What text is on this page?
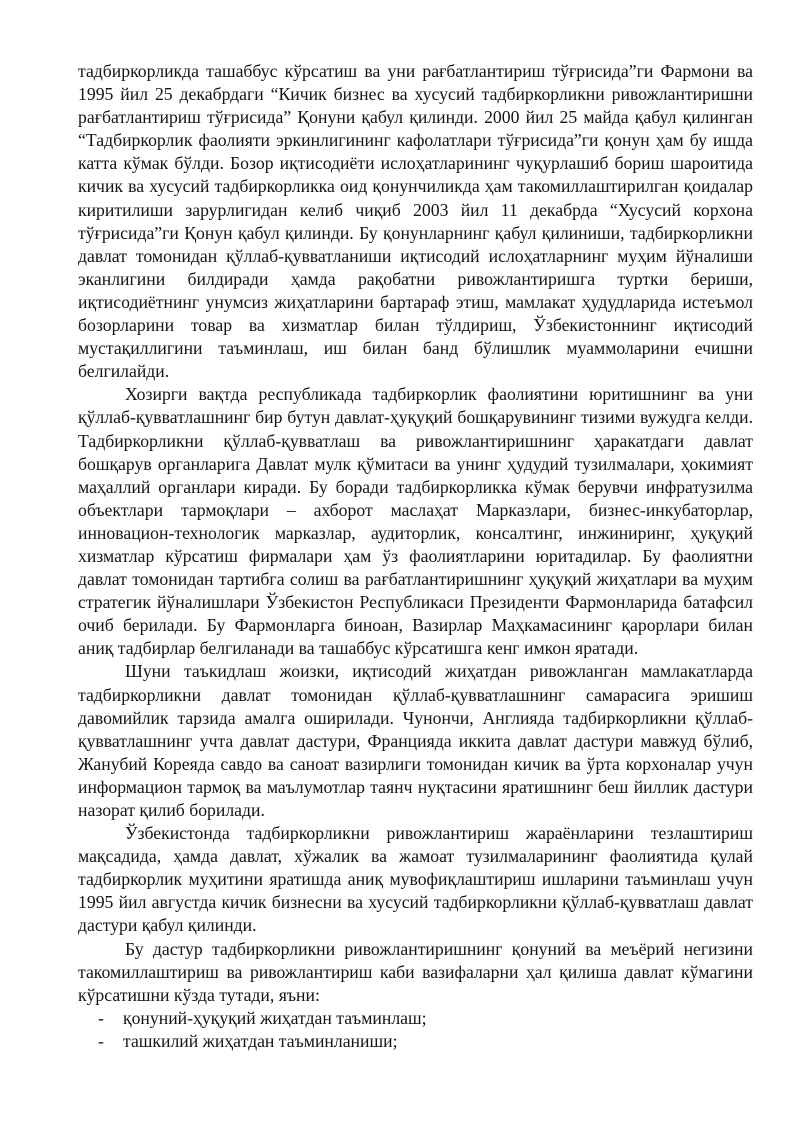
тадбиркорликда ташаббус кўрсатиш ва уни рағбатлантириш тўғрисида”ги Фармони ва 1995 йил 25 декабрдаги “Кичик бизнес ва хусусий тадбиркорликни ривожлантиришни рағбатлантириш тўғрисида” Қонуни қабул қилинди. 2000 йил 25 майда қабул қилинган “Тадбиркорлик фаолияти эркинлигининг кафолатлари тўғрисида”ги қонун ҳам бу ишда катта кўмак бўлди. Бозор иқтисодиёти ислоҳатларининг чуқурлашиб бориш шароитида кичик ва хусусий тадбиркорликка оид қонунчиликда ҳам такомиллаштирилган қоидалар киритилиши зарурлигидан келиб чиқиб 2003 йил 11 декабрда “Хусусий корхона тўғрисида”ги Қонун қабул қилинди. Бу қонунларнинг қабул қилиниши, тадбиркорликни давлат томонидан қўллаб-қувватланиши иқтисодий ислоҳатларнинг муҳим йўналиши эканлигини билдиради ҳамда рақобатни ривожлантиришга туртки бериши, иқтисодиётнинг унумсиз жиҳатларини бартараф этиш, мамлакат ҳудудларида истеъмол бозорларини товар ва хизматлар билан тўлдириш, Ўзбекистоннинг иқтисодий мустақиллигини таъминлаш, иш билан банд бўлишлик муаммоларини ечишни белгилайди.

Хозирги вақтда республикада тадбиркорлик фаолиятини юритишнинг ва уни қўллаб-қувватлашнинг бир бутун давлат-ҳуқуқий бошқарувининг тизими вужудга келди. Тадбиркорликни қўллаб-қувватлаш ва ривожлантиришнинг ҳаракатдаги давлат бошқарув органларига Давлат мулк қўмитаси ва унинг ҳудудий тузилмалари, ҳокимият маҳаллий органлари киради. Бу боради тадбиркорликка кўмак берувчи инфратузилма объектлари тармоқлари – ахборот маслаҳат Марказлари, бизнес-инкубаторлар, инновацион-технологик марказлар, аудиторлик, консалтинг, инжиниринг, ҳуқуқий хизматлар кўрсатиш фирмалари ҳам ўз фаолиятларини юритадилар. Бу фаолиятни давлат томонидан тартибга солиш ва рағбатлантиришнинг ҳуқуқий жиҳатлари ва муҳим стратегик йўналишлари Ўзбекистон Республикаси Президенти Фармонларида батафсил очиб берилади. Бу Фармонларга биноан, Вазирлар Маҳкамасининг қарорлари билан аниқ тадбирлар белгиланади ва ташаббус кўрсатишга кенг имкон яратади.

Шуни таъкидлаш жоизки, иқтисодий жиҳатдан ривожланган мамлакатларда тадбиркорликни давлат томонидан қўллаб-қувватлашнинг самарасига эришиш давомийлик тарзида амалга оширилади. Чунончи, Англияда тадбиркорликни қўллаб-қувватлашнинг учта давлат дастури, Францияда иккита давлат дастури мавжуд бўлиб, Жанубий Кореяда савдо ва саноат вазирлиги томонидан кичик ва ўрта корхоналар учун информацион тармоқ ва маълумотлар таянч нуқтасини яратишнинг беш йиллик дастури назорат қилиб борилади.

Ўзбекистонда тадбиркорликни ривожлантириш жараёнларини тезлаштириш мақсадида, ҳамда давлат, хўжалик ва жамоат тузилмаларининг фаолиятида қулай тадбиркорлик муҳитини яратишда аниқ мувофиқлаштириш ишларини таъминлаш учун 1995 йил августда кичик бизнесни ва хусусий тадбиркорликни қўллаб-қувватлаш давлат дастури қабул қилинди.

Бу дастур тадбиркорликни ривожлантиришнинг қонуний ва меъёрий негизини такомиллаштириш ва ривожлантириш каби вазифаларни ҳал қилиша давлат кўмагини кўрсатишни кўзда тутади, яъни:

- қонуний-ҳуқуқий жиҳатдан таъминлаш;
- ташкилий жиҳатдан таъминланиши;
